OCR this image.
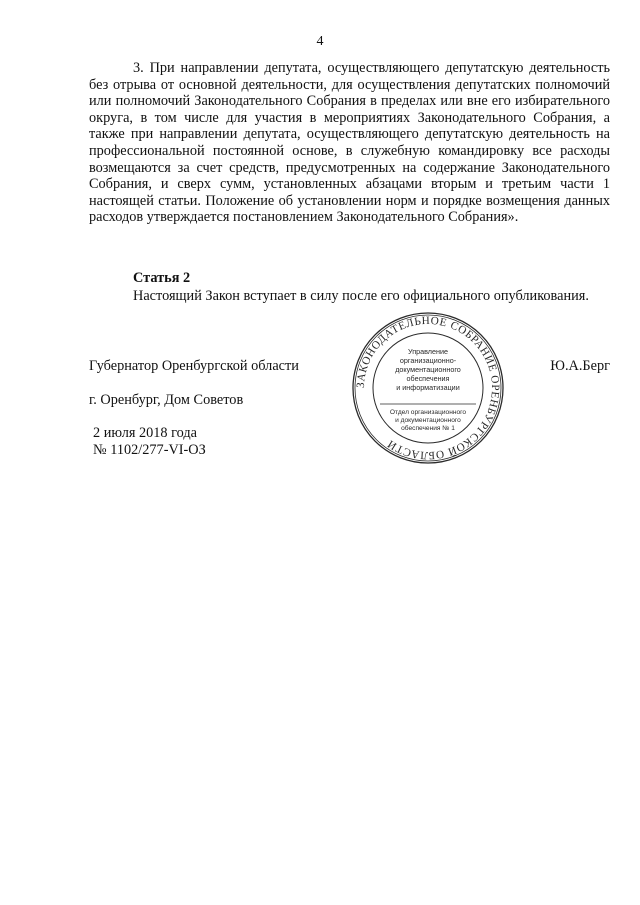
4
3. При направлении депутата, осуществляющего депутатскую деятельность без отрыва от основной деятельности, для осуществления депутатских полномочий или полномочий Законодательного Собрания в пределах или вне его избирательного округа, в том числе для участия в мероприятиях Законодательного Собрания, а также при направлении депутата, осуществляющего депутатскую деятельность на профессиональной постоянной основе, в служебную командировку все расходы возмещаются за счет средств, предусмотренных на содержание Законодательного Собрания, и сверх сумм, установленных абзацами вторым и третьим части 1 настоящей статьи. Положение об установлении норм и порядке возмещения данных расходов утверждается постановлением Законодательного Собрания».
Статья 2
Настоящий Закон вступает в силу после его официального опубликования.
Губернатор Оренбургской области	Ю.А.Берг
г. Оренбург, Дом Советов
2 июля 2018 года
№ 1102/277-VI-ОЗ
ЗАКОНОДАТЕЛЬНОЕ СОБРАНИЕ ОРЕНБУРГСКОЙ ОБЛАСТИ
Управление
организационно-
документационного
обеспечения
и информатизации
Отдел организационного
и документационного
обеспечения № 1
